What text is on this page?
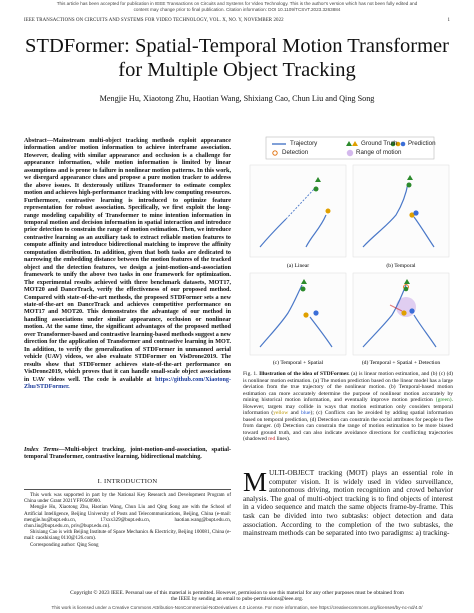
This article has been accepted for publication in IEEE Transactions on Circuits and Systems for Video Technology. This is the author's version which has not been fully edited and
content may change prior to final publication. Citation information: DOI 10.1109/TCSVT.2023.3263884
IEEE TRANSACTIONS ON CIRCUITS AND SYSTEMS FOR VIDEO TECHNOLOGY, VOL. X, NO. Y, NOVEMBER 2022	1
STDFormer: Spatial-Temporal Motion Transformer
for Multiple Object Tracking
Mengjie Hu, Xiaotong Zhu, Haotian Wang, Shixiang Cao, Chun Liu and Qing Song
Abstract—Mainstream multi-object tracking methods exploit appearance information and/or motion information to achieve interframe association. However, dealing with similar appearance and occlusion is a challenge for appearance information, while motion information is limited by linear assumptions and is prone to failure in nonlinear motion patterns. In this work, we disregard appearance clues and propose a pure motion tracker to address the above issues. It dexterously utilizes Transformer to estimate complex motion and achieves high-performance tracking with low computing resources. Furthermore, contrastive learning is introduced to optimize feature representation for robust association. Specifically, we first exploit the long-range modeling capability of Transformer to mine intention information in temporal motion and decision information in spatial interaction and introduce prior detection to constrain the range of motion estimation. Then, we introduce contrastive learning as an auxiliary task to extract reliable motion features to compute affinity and introduce bidirectional matching to improve the affinity computation distribution. In addition, given that both tasks are dedicated to narrowing the embedding distance between the motion features of the tracked object and the detection features, we design a joint-motion-and-association framework to unify the above two tasks in one framework for optimization. The experimental results achieved with three benchmark datasets, MOT17, MOT20 and DanceTrack, verify the effectiveness of our proposed method. Compared with state-of-the-art methods, the proposed STDFormer sets a new state-of-the-art on DanceTrack and achieves competitive performance on MOT17 and MOT20. This demonstrates the advantage of our method in handling associations under similar appearance, occlusion or nonlinear motion. At the same time, the significant advantages of the proposed method over Transformer-based and contrastive learning-based methods suggest a new direction for the application of Transformer and contrastive learning in MOT. In addition, to verify the generalization of STDFormer in unmanned aerial vehicle (UAV) videos, we also evaluate STDFormer on VisDrone2019. The results show that STDFormer achieves state-of-the-art performance on VisDrone2019, which proves that it can handle small-scale object associations in UAV videos well. The code is available at https://github.com/Xiaotong-Zhu/STDFormer.
Index Terms—Multi-object tracking, joint-motion-and-association, spatial-temporal Transformer, contrastive learning, bidirectional matching.
I. INTRODUCTION
This work was supported in part by the National Key Research and Development Program of China under Grant 2021YFF0500900.
Mengjie Hu, Xiaotong Zhu, Haotian Wang, Chun Liu and Qing Song are with the School of Artificial Intelligence, Beijing University of Posts and Telecommunications, Beijing, China (e-mail: mengjie.hu@bupt.edu.cn, 17xxx329@bupt.edu.cn, haotian.wang@bupt.edu.cn, chun.liu@bupt.edu.cn, priv@bupt.edu.cn).
Shixiang Cao is with Beijing Institute of Space Mechanics & Electricity, Beijing 100081, China (e-mail: caoshixiang 0110@126.com).
Corresponding author: Qing Song
(a) Linear	(b) Temporal
(c) Temporal + Spatial	(d) Temporal + Spatial + Detection
Trajectory
Detection
Ground Truth
Range of motion
Prediction
Fig. 1. Illustration of the idea of STDFormer. (a) is linear motion estimation, and (b) (c) (d) is nonlinear motion estimation. (a) The motion prediction based on the linear model has a large deviation from the true trajectory of the nonlinear motion. (b) Temporal-based motion estimation can more accurately determine the purpose of nonlinear motion accurately by mining historical motion information, and eventually improve motion prediction (green). However, targets may collide in ways that motion estimation only considers temporal information (yellow and blue); (c) Conflicts can be avoided by adding spatial information based on temporal prediction, (d) Detection can constrain the social attributes for people to flee from danger. (d) Detection can constrain the range of motion estimation to be more biased toward ground truth, and can also indicate avoidance directions for conflicting trajectories (shadowed red lines).
MULTI-OBJECT tracking (MOT) plays an essential role in computer vision. It is widely used in video surveillance, autonomous driving, motion recognition and crowd behavior analysis. The goal of multi-object tracking is to find objects of interest in a video sequence and match the same objects frame-by-frame. This task can be divided into two subtasks: object detection and data association. According to the completion of the two subtasks, the mainstream methods can be separated into two paradigms: a) tracking-
Copyright © 2023 IEEE. Personal use of this material is permitted. However, permission to use this material for any other purposes must be obtained from
the IEEE by sending an email to pubs-permissions@ieee.org.
This work is licensed under a Creative Commons Attribution-NonCommercial-NoDerivatives 4.0 License. For more information, see https://creativecommons.org/licenses/by-nc-nd/4.0/
